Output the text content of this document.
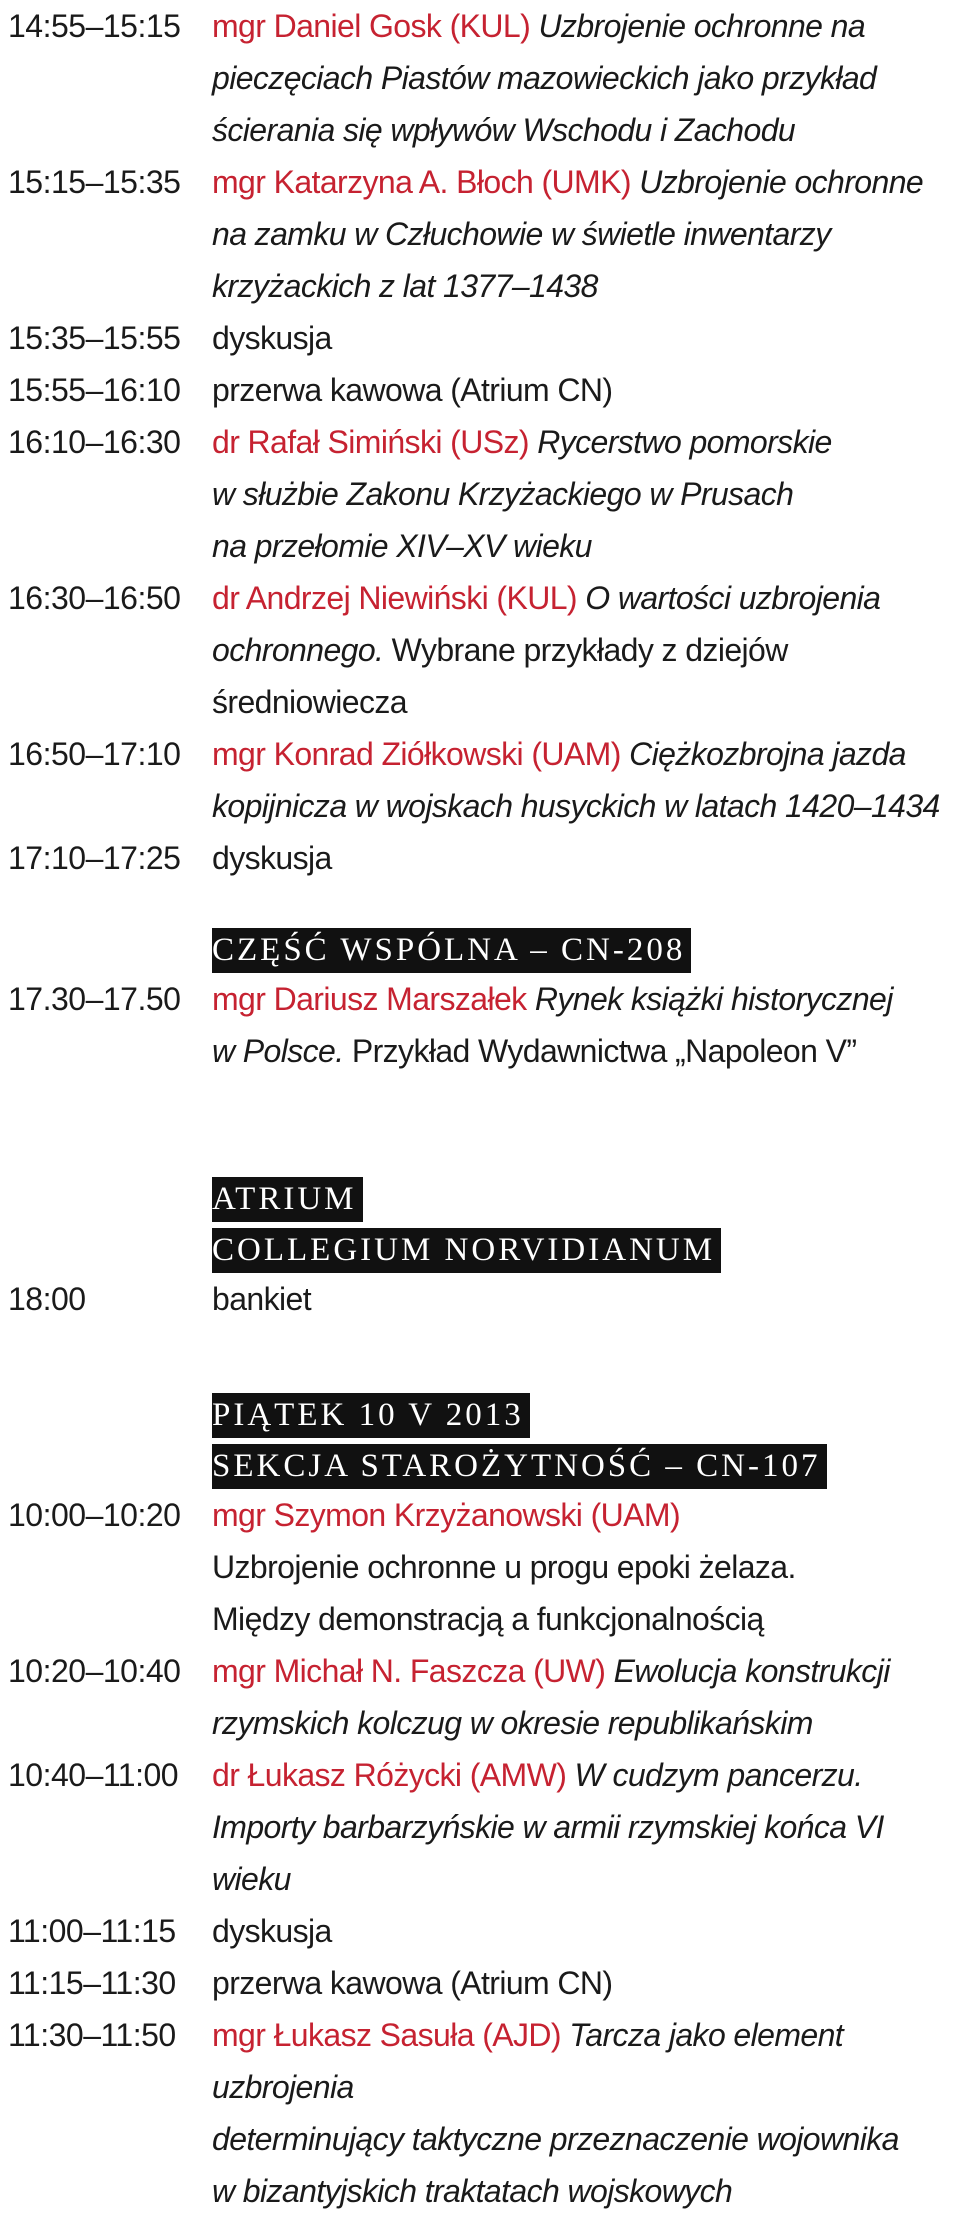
14:55–15:15 mgr Daniel Gosk (KUL) Uzbrojenie ochronne na
pieczęciach Piastów mazowieckich jako przykład
ścierania się wpływów Wschodu i Zachodu
15:15–15:35 mgr Katarzyna A. Błoch (UMK) Uzbrojenie ochronne
na zamku w Człuchowie w świetle inwentarzy
krzyżackich z lat 1377–1438
15:35–15:55 dyskusja
15:55–16:10 przerwa kawowa (Atrium CN)
16:10–16:30 dr Rafał Simiński (USz) Rycerstwo pomorskie
w służbie Zakonu Krzyżackiego w Prusach
na przełomie XIV–XV wieku
16:30–16:50 dr Andrzej Niewiński (KUL) O wartości uzbrojenia
ochronnego. Wybrane przykłady z dziejów średniowiecza
16:50–17:10 mgr Konrad Ziółkowski (UAM) Ciężkozbrojna jazda
kopijnicza w wojskach husyckich w latach 1420–1434
17:10–17:25 dyskusja
CZĘŚĆ WSPÓLNA – CN-208
17.30–17.50 mgr Dariusz Marszałek Rynek książki historycznej
w Polsce. Przykład Wydawnictwa „Napoleon V”
ATRIUM
COLLEGIUM NORVIDIANUM
18:00	bankiet
PIĄTEK 10 V 2013
SEKCJA STAROŻYTNOŚĆ – CN-107
10:00–10:20 mgr Szymon Krzyżanowski (UAM)
Uzbrojenie ochronne u progu epoki żelaza.
Między demonstracją a funkcjonalnością
10:20–10:40 mgr Michał N. Faszcza (UW) Ewolucja konstrukcji
rzymskich kolczug w okresie republikańskim
10:40–11:00	dr Łukasz Różycki (AMW) W cudzym pancerzu.
Importy barbarzyńskie w armii rzymskiej końca VI wieku
11:00–11:15	dyskusja
11:15–11:30	przerwa kawowa (Atrium CN)
11:30–11:50	mgr Łukasz Sasuła (AJD) Tarcza jako element uzbrojenia
determinujący taktyczne przeznaczenie wojownika
w bizantyjskich traktatach wojskowych
